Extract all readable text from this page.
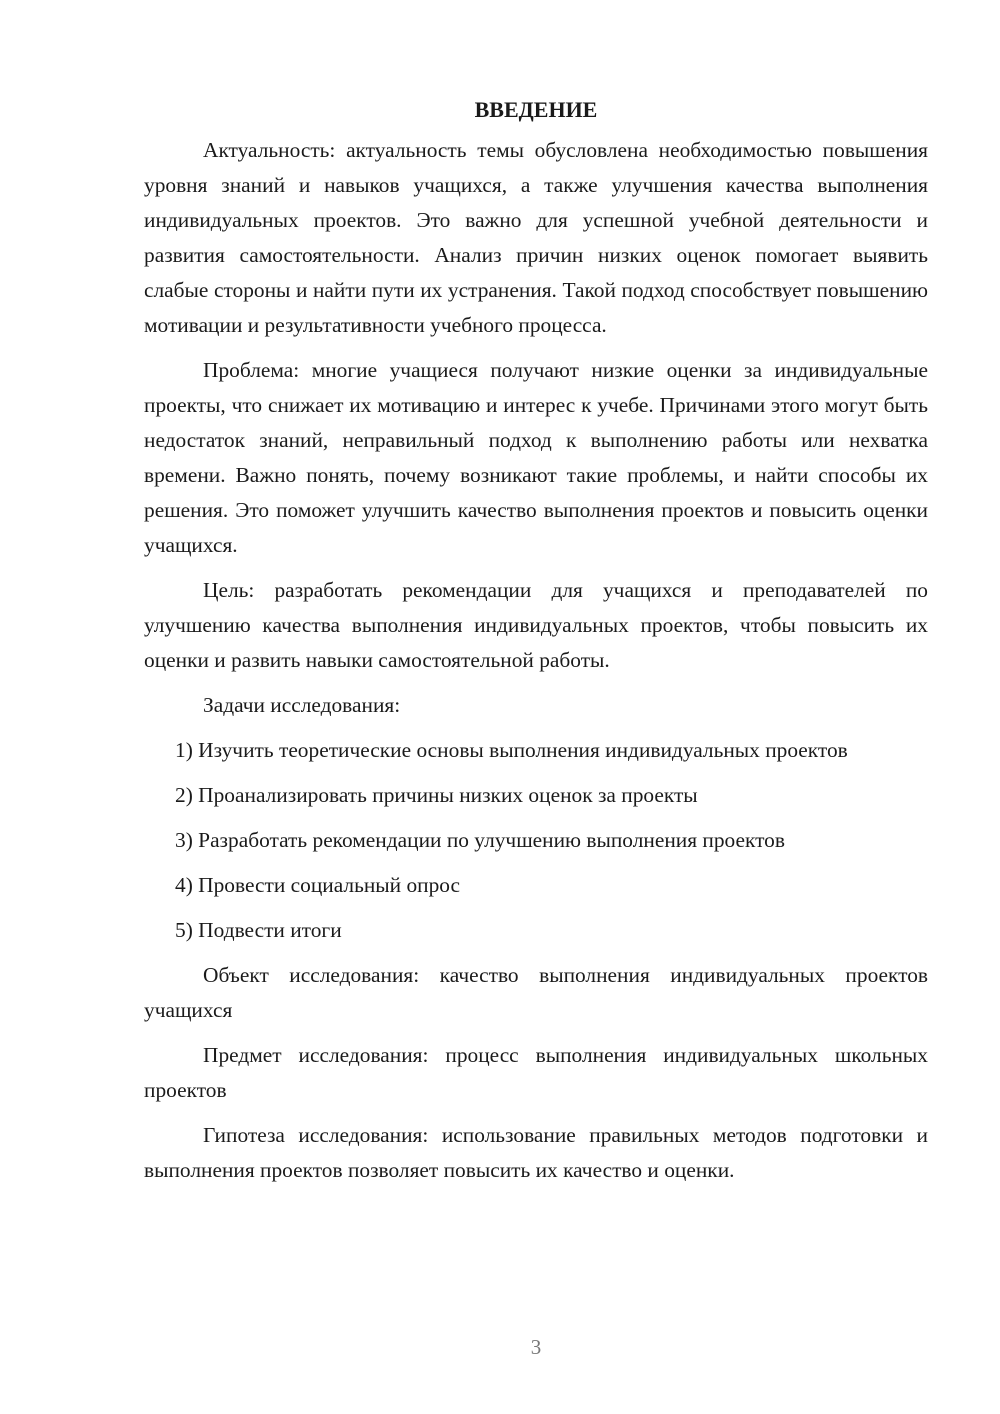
ВВЕДЕНИЕ

Актуальность: актуальность темы обусловлена необходимостью повышения уровня знаний и навыков учащихся, а также улучшения качества выполнения индивидуальных проектов. Это важно для успешной учебной деятельности и развития самостоятельности. Анализ причин низких оценок помогает выявить слабые стороны и найти пути их устранения. Такой подход способствует повышению мотивации и результативности учебного процесса.

Проблема: многие учащиеся получают низкие оценки за индивидуальные проекты, что снижает их мотивацию и интерес к учебе. Причинами этого могут быть недостаток знаний, неправильный подход к выполнению работы или нехватка времени. Важно понять, почему возникают такие проблемы, и найти способы их решения. Это поможет улучшить качество выполнения проектов и повысить оценки учащихся.

Цель: разработать рекомендации для учащихся и преподавателей по улучшению качества выполнения индивидуальных проектов, чтобы повысить их оценки и развить навыки самостоятельной работы.

Задачи исследования:

1) Изучить теоретические основы выполнения индивидуальных проектов

2) Проанализировать причины низких оценок за проекты

3) Разработать рекомендации по улучшению выполнения проектов

4) Провести социальный опрос

5) Подвести итоги

Объект исследования: качество выполнения индивидуальных проектов учащихся

Предмет исследования: процесс выполнения индивидуальных школьных проектов

Гипотеза исследования: использование правильных методов подготовки и выполнения проектов позволяет повысить их качество и оценки.

3
